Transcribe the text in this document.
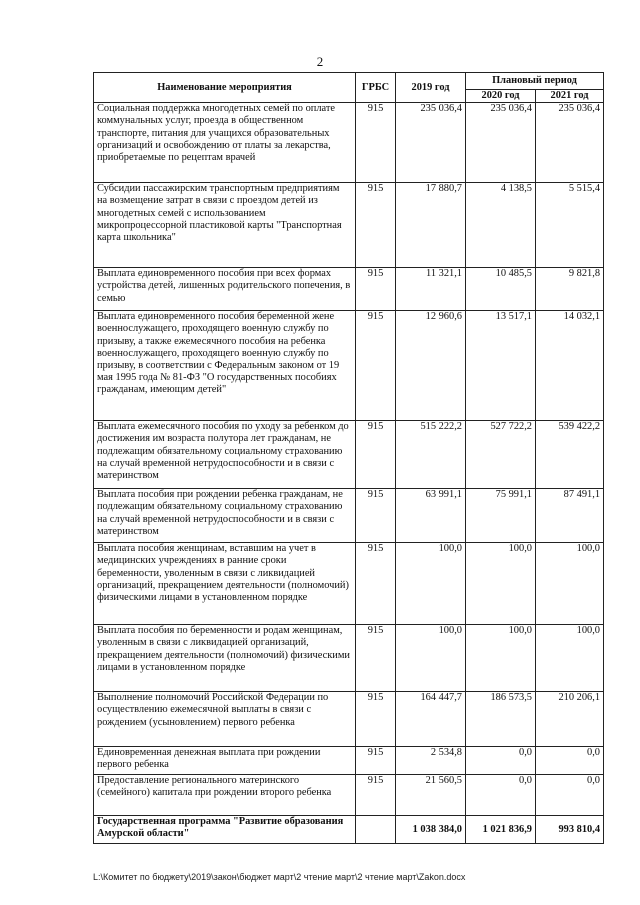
2
Наименование мероприятия	ГРБС	2019 год	Плановый период	
			2020 год	2021 год
Социальная поддержка многодетных семей по оплате коммунальных услуг, проезда в общественном транспорте, питания для учащихся образовательных организаций и освобождению от платы за лекарства, приобретаемые по рецептам врачей	915	235 036,4	235 036,4	235 036,4
Субсидии пассажирским транспортным предприятиям на возмещение затрат в связи с проездом детей из многодетных семей с использованием микропроцессорной пластиковой карты "Транспортная карта школьника"	915	17 880,7	4 138,5	5 515,4
Выплата единовременного пособия при всех формах устройства детей, лишенных родительского попечения, в семью	915	11 321,1	10 485,5	9 821,8
Выплата единовременного пособия беременной жене военнослужащего, проходящего военную службу по призыву, а также ежемесячного пособия на ребенка военнослужащего, проходящего военную службу по призыву, в соответствии с Федеральным законом от 19 мая 1995 года № 81-ФЗ "О государственных пособиях гражданам, имеющим детей"	915	12 960,6	13 517,1	14 032,1
Выплата ежемесячного пособия по уходу за ребенком до достижения им возраста полутора лет гражданам, не подлежащим обязательному социальному страхованию на случай временной нетрудоспособности и в связи с материнством	915	515 222,2	527 722,2	539 422,2
Выплата пособия при рождении ребенка гражданам, не подлежащим обязательному социальному страхованию на случай временной нетрудоспособности и в связи с материнством	915	63 991,1	75 991,1	87 491,1
Выплата пособия женщинам, вставшим на учет в медицинских учреждениях в ранние сроки беременности, уволенным в связи с ликвидацией организаций, прекращением деятельности (полномочий) физическими лицами в установленном порядке	915	100,0	100,0	100,0
Выплата пособия по беременности и родам женщинам, уволенным в связи с ликвидацией организаций, прекращением деятельности (полномочий) физическими лицами в установленном порядке	915	100,0	100,0	100,0
Выполнение полномочий Российской Федерации по осуществлению ежемесячной выплаты в связи с рождением (усыновлением) первого ребенка	915	164 447,7	186 573,5	210 206,1
Единовременная денежная выплата при рождении первого ребенка	915	2 534,8	0,0	0,0
Предоставление регионального материнского (семейного) капитала при рождении второго ребенка	915	21 560,5	0,0	0,0
Государственная программа "Развитие образования Амурской области"		1 038 384,0	1 021 836,9	993 810,4
L:\Комитет по бюджету\2019\закон\бюджет март\2 чтение март\2 чтение март\Zakon.docx
